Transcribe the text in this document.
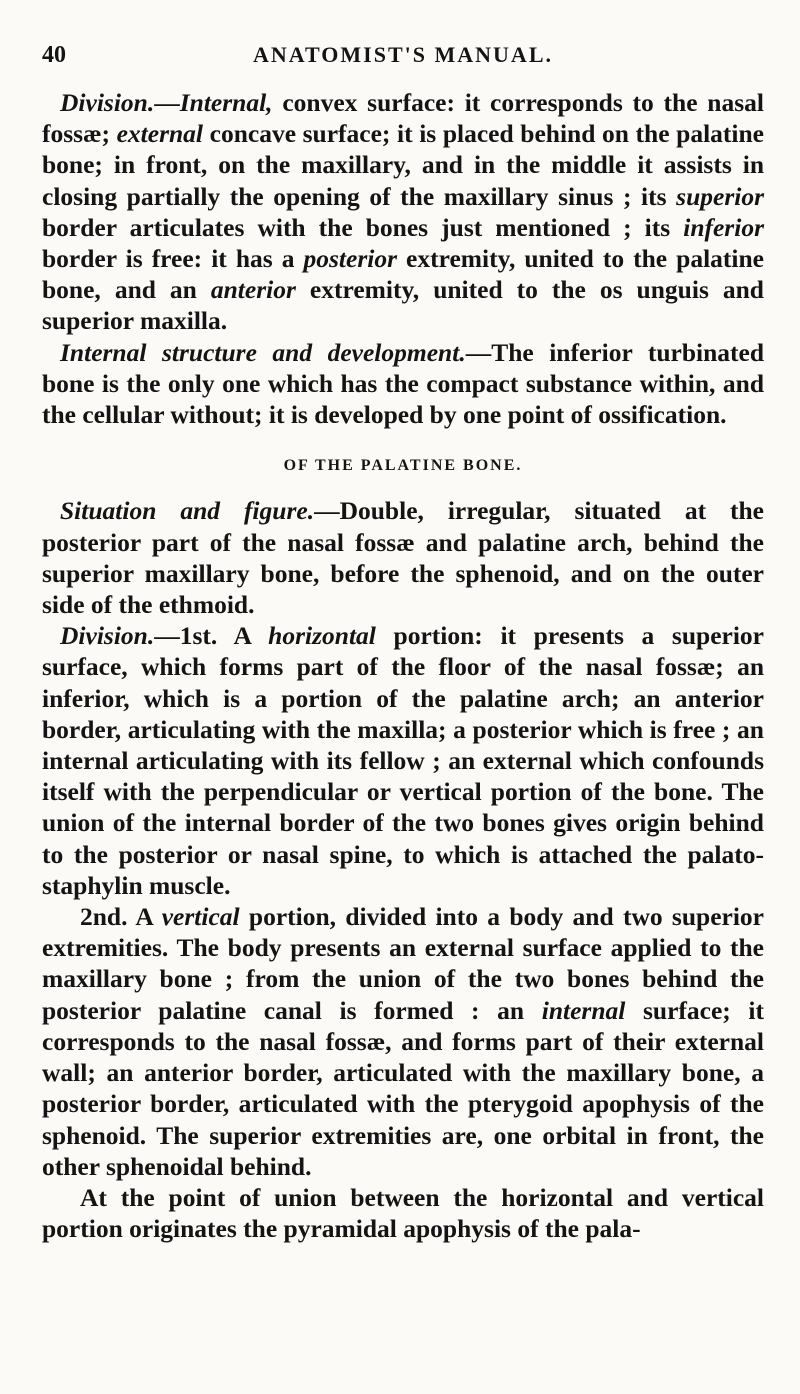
40	ANATOMIST'S MANUAL.

Division.—Internal, convex surface: it corresponds to the nasal fossæ; external concave surface; it is placed behind on the palatine bone; in front, on the maxillary, and in the middle it assists in closing partially the opening of the maxillary sinus ; its superior border articulates with the bones just mentioned ; its inferior border is free: it has a posterior extremity, united to the palatine bone, and an anterior extremity, united to the os unguis and superior maxilla.

Internal structure and development.—The inferior turbinated bone is the only one which has the compact substance within, and the cellular without; it is developed by one point of ossification.

OF THE PALATINE BONE.

Situation and figure.—Double, irregular, situated at the posterior part of the nasal fossæ and palatine arch, behind the superior maxillary bone, before the sphenoid, and on the outer side of the ethmoid.

Division.—1st. A horizontal portion: it presents a superior surface, which forms part of the floor of the nasal fossæ; an inferior, which is a portion of the palatine arch; an anterior border, articulating with the maxilla; a posterior which is free ; an internal articulating with its fellow ; an external which confounds itself with the perpendicular or vertical portion of the bone. The union of the internal border of the two bones gives origin behind to the posterior or nasal spine, to which is attached the palato-staphylin muscle.

2nd. A vertical portion, divided into a body and two superior extremities. The body presents an external surface applied to the maxillary bone ; from the union of the two bones behind the posterior palatine canal is formed : an internal surface; it corresponds to the nasal fossæ, and forms part of their external wall; an anterior border, articulated with the maxillary bone, a posterior border, articulated with the pterygoid apophysis of the sphenoid. The superior extremities are, one orbital in front, the other sphenoidal behind.

At the point of union between the horizontal and vertical portion originates the pyramidal apophysis of the pala-
